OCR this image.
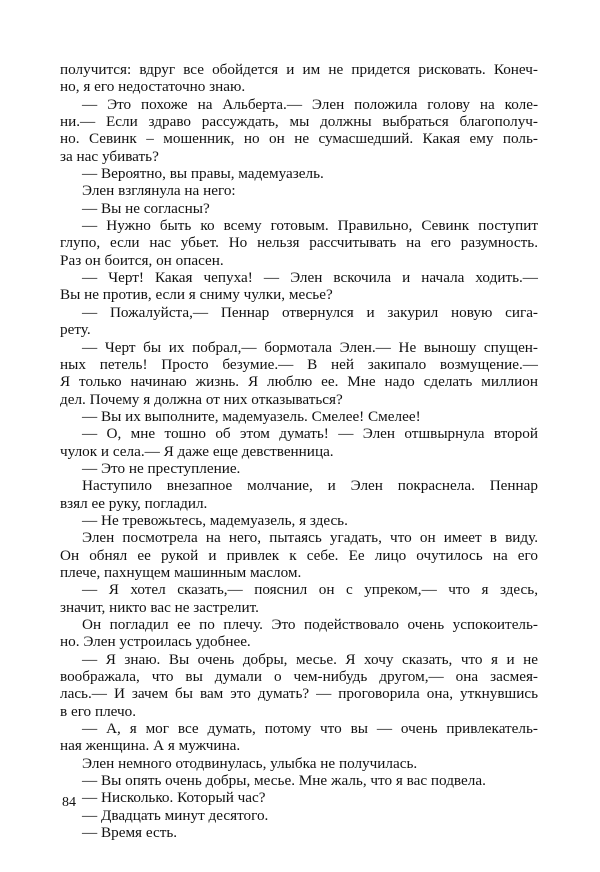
получится: вдруг все обойдется и им не придется рисковать. Конеч-
но, я его недостаточно знаю.
— Это похоже на Альберта.— Элен положила голову на коле-
ни.— Если здраво рассуждать, мы должны выбраться благополуч-
но. Севинк – мошенник, но он не сумасшедший. Какая ему поль-
за нас убивать?
— Вероятно, вы правы, мадемуазель.
Элен взглянула на него:
— Вы не согласны?
— Нужно быть ко всему готовым. Правильно, Севинк поступит
глупо, если нас убьет. Но нельзя рассчитывать на его разумность.
Раз он боится, он опасен.
— Черт! Какая чепуха! — Элен вскочила и начала ходить.—
Вы не против, если я сниму чулки, месье?
— Пожалуйста,— Пеннар отвернулся и закурил новую сига-
рету.
— Черт бы их побрал,— бормотала Элен.— Не выношу спущен-
ных петель! Просто безумие.— В ней закипало возмущение.—
Я только начинаю жизнь. Я люблю ее. Мне надо сделать миллион
дел. Почему я должна от них отказываться?
— Вы их выполните, мадемуазель. Смелее! Смелее!
— О, мне тошно об этом думать! — Элен отшвырнула второй
чулок и села.— Я даже еще девственница.
— Это не преступление.
Наступило внезапное молчание, и Элен покраснела. Пеннар
взял ее руку, погладил.
— Не тревожьтесь, мадемуазель, я здесь.
Элен посмотрела на него, пытаясь угадать, что он имеет в виду.
Он обнял ее рукой и привлек к себе. Ее лицо очутилось на его
плече, пахнущем машинным маслом.
— Я хотел сказать,— пояснил он с упреком,— что я здесь,
значит, никто вас не застрелит.
Он погладил ее по плечу. Это подействовало очень успокоитель-
но. Элен устроилась удобнее.
— Я знаю. Вы очень добры, месье. Я хочу сказать, что я и не
воображала, что вы думали о чем-нибудь другом,— она засмея-
лась.— И зачем бы вам это думать? — проговорила она, уткнувшись
в его плечо.
— А, я мог все думать, потому что вы — очень привлекатель-
ная женщина. А я мужчина.
Элен немного отодвинулась, улыбка не получилась.
— Вы опять очень добры, месье. Мне жаль, что я вас подвела.
— Нисколько. Который час?
— Двадцать минут десятого.
— Время есть.
84
